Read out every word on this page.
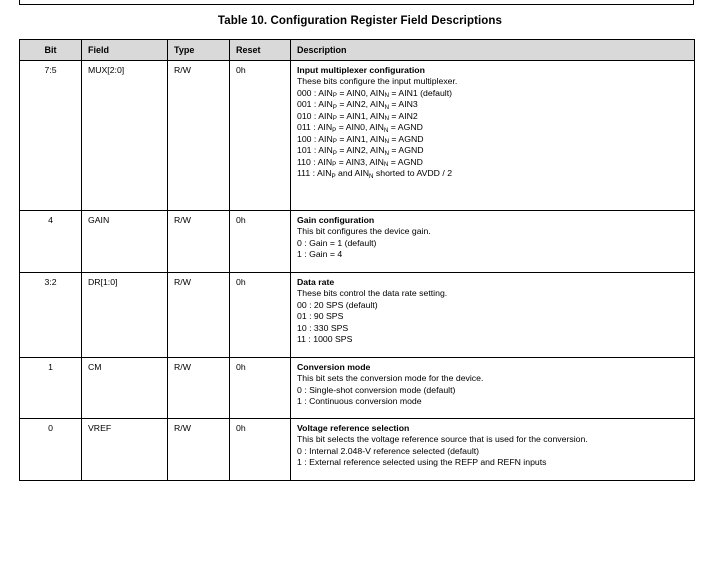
Table 10. Configuration Register Field Descriptions
Bit	Field	Type	Reset	Description
7:5	MUX[2:0]	R/W	0h	Input multiplexer configuration
These bits configure the input multiplexer.
000 : $AIN_P = AIN0$, $AIN_N = AIN1$ (default)
001 : $AIN_P = AIN2$, $AIN_N = AIN3$
010 : $AIN_P = AIN1$, $AIN_N = AIN2$
011 : $AIN_P = AIN0$, $AIN_N$ = AGND
100 : $AIN_P = AIN1$, $AIN_N$ = AGND
101 : $AIN_P = AIN2$, $AIN_N$ = AGND
110 : $AIN_P = AIN3$, $AIN_N$ = AGND
111 : $AIN_P$ and $AIN_N$ shorted to AVDD / 2

4	GAIN	R/W	0h	Gain configuration
This bit configures the device gain.
0 : Gain = 1 (default)
1 : Gain = 4

3:2	DR[1:0]	R/W	0h	Data rate
These bits control the data rate setting.
00 : 20 SPS (default)
01 : 90 SPS
10 : 330 SPS
11 : 1000 SPS

1	CM	R/W	0h	Conversion mode
This bit sets the conversion mode for the device.
0 : Single-shot conversion mode (default)
1 : Continuous conversion mode

0	VREF	R/W	0h	Voltage reference selection
This bit selects the voltage reference source that is used for the conversion.
0 : Internal 2.048-V reference selected (default)
1 : External reference selected using the REFP and REFN inputs
